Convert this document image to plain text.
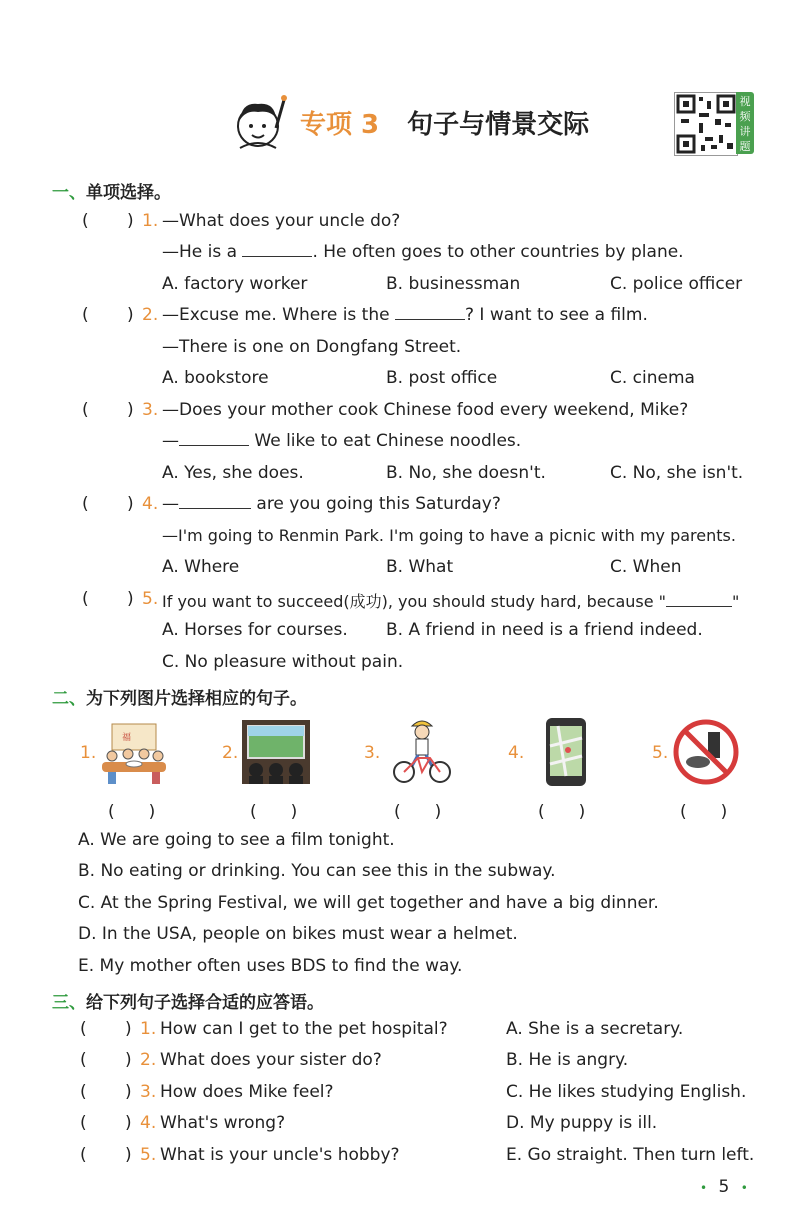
专项 3 句子与情景交际
视
频
讲
题
一、单项选择。
( ) 1. —What does your uncle do?
—He is a	. He often goes to other countries by plane.
A. factory worker	B. businessman	C. police officer
( ) 2. —Excuse me. Where is the	? I want to see a film.
—There is one on Dongfang Street.
A. bookstore	B. post office	C. cinema
( ) 3. —Does your mother cook Chinese food every weekend, Mike?
—	We like to eat Chinese noodles.
A. Yes, she does.	B. No, she doesn't.	C. No, she isn't.
( ) 4. —	are you going this Saturday?
—I'm going to Renmin Park. I'm going to have a picnic with my parents.
A. Where	B. What	C. When
( ) 5. If you want to succeed(成功), you should study hard, because "	"
A. Horses for courses. B. A friend in need is a friend indeed.
C. No pleasure without pain.
二、为下列图片选择相应的句子。
1.
福
2.	3.	4.	5.
(　　)	(　　)	(　　)	(　　)	(　　)
A. We are going to see a film tonight.
B. No eating or drinking. You can see this in the subway.
C. At the Spring Festival, we will get together and have a big dinner.
D. In the USA, people on bikes must wear a helmet.
E. My mother often uses BDS to find the way.
三、给下列句子选择合适的应答语。
( ) 1. How can I get to the pet hospital?	A. She is a secretary.
( ) 2. What does your sister do?	B. He is angry.
( ) 3. How does Mike feel?	C. He likes studying English.
( ) 4. What's wrong?	D. My puppy is ill.
( ) 5. What is your uncle's hobby?	E. Go straight. Then turn left.
• 5 •
